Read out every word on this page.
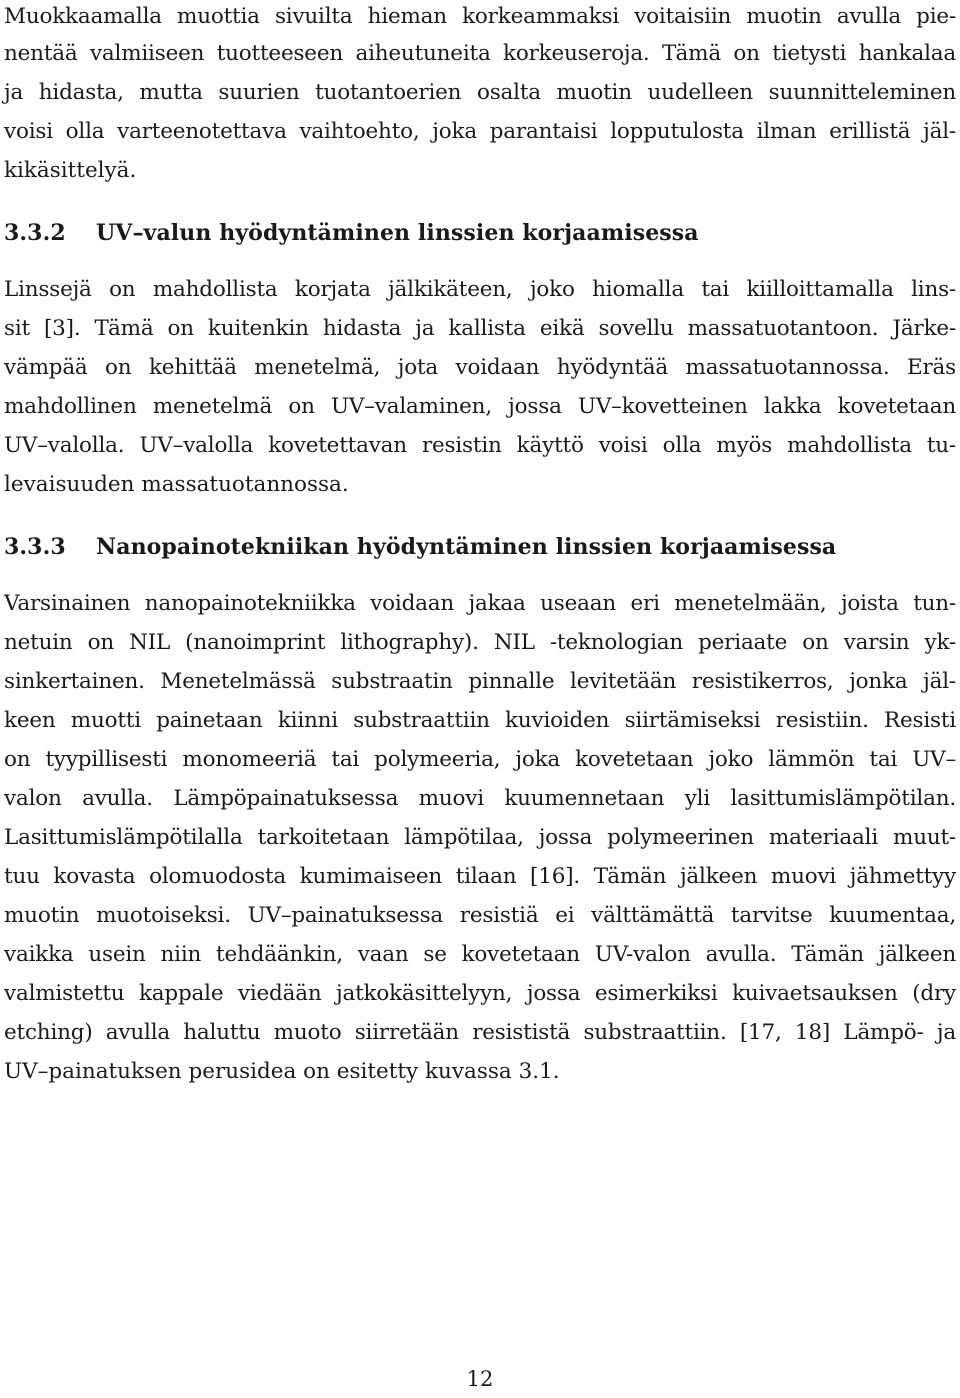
Muokkaamalla muottia sivuilta hieman korkeammaksi voitaisiin muotin avulla pie-
nentää valmiiseen tuotteeseen aiheutuneita korkeuseroja. Tämä on tietysti hankalaa
ja hidasta, mutta suurien tuotantoerien osalta muotin uudelleen suunnitteleminen
voisi olla varteenotettava vaihtoehto, joka parantaisi lopputulosta ilman erillistä jäl-
kikäsittelyä.
3.3.2 UV–valun hyödyntäminen linssien korjaamisessa
Linssejä on mahdollista korjata jälkikäteen, joko hiomalla tai kiilloittamalla lins-
sit [3]. Tämä on kuitenkin hidasta ja kallista eikä sovellu massatuotantoon. Järke-
vämpää on kehittää menetelmä, jota voidaan hyödyntää massatuotannossa. Eräs
mahdollinen menetelmä on UV–valaminen, jossa UV–kovetteinen lakka kovetetaan
UV–valolla. UV–valolla kovetettavan resistin käyttö voisi olla myös mahdollista tu-
levaisuuden massatuotannossa.
3.3.3 Nanopainotekniikan hyödyntäminen linssien korjaamisessa
Varsinainen nanopainotekniikka voidaan jakaa useaan eri menetelmään, joista tun-
netuin on NIL (nanoimprint lithography). NIL -teknologian periaate on varsin yk-
sinkertainen. Menetelmässä substraatin pinnalle levitetään resistikerros, jonka jäl-
keen muotti painetaan kiinni substraattiin kuvioiden siirtämiseksi resistiin. Resisti
on tyypillisesti monomeeriä tai polymeeria, joka kovetetaan joko lämmön tai UV–
valon avulla. Lämpöpainatuksessa muovi kuumennetaan yli lasittumislämpötilan.
Lasittumislämpötilalla tarkoitetaan lämpötilaa, jossa polymeerinen materiaali muut-
tuu kovasta olomuodosta kumimaiseen tilaan [16]. Tämän jälkeen muovi jähmettyy
muotin muotoiseksi. UV–painatuksessa resistiä ei välttämättä tarvitse kuumentaa,
vaikka usein niin tehdäänkin, vaan se kovetetaan UV-valon avulla. Tämän jälkeen
valmistettu kappale viedään jatkokäsittelyyn, jossa esimerkiksi kuivaetsauksen (dry
etching) avulla haluttu muoto siirretään resististä substraattiin. [17, 18] Lämpö- ja
UV–painatuksen perusidea on esitetty kuvassa 3.1.
12
